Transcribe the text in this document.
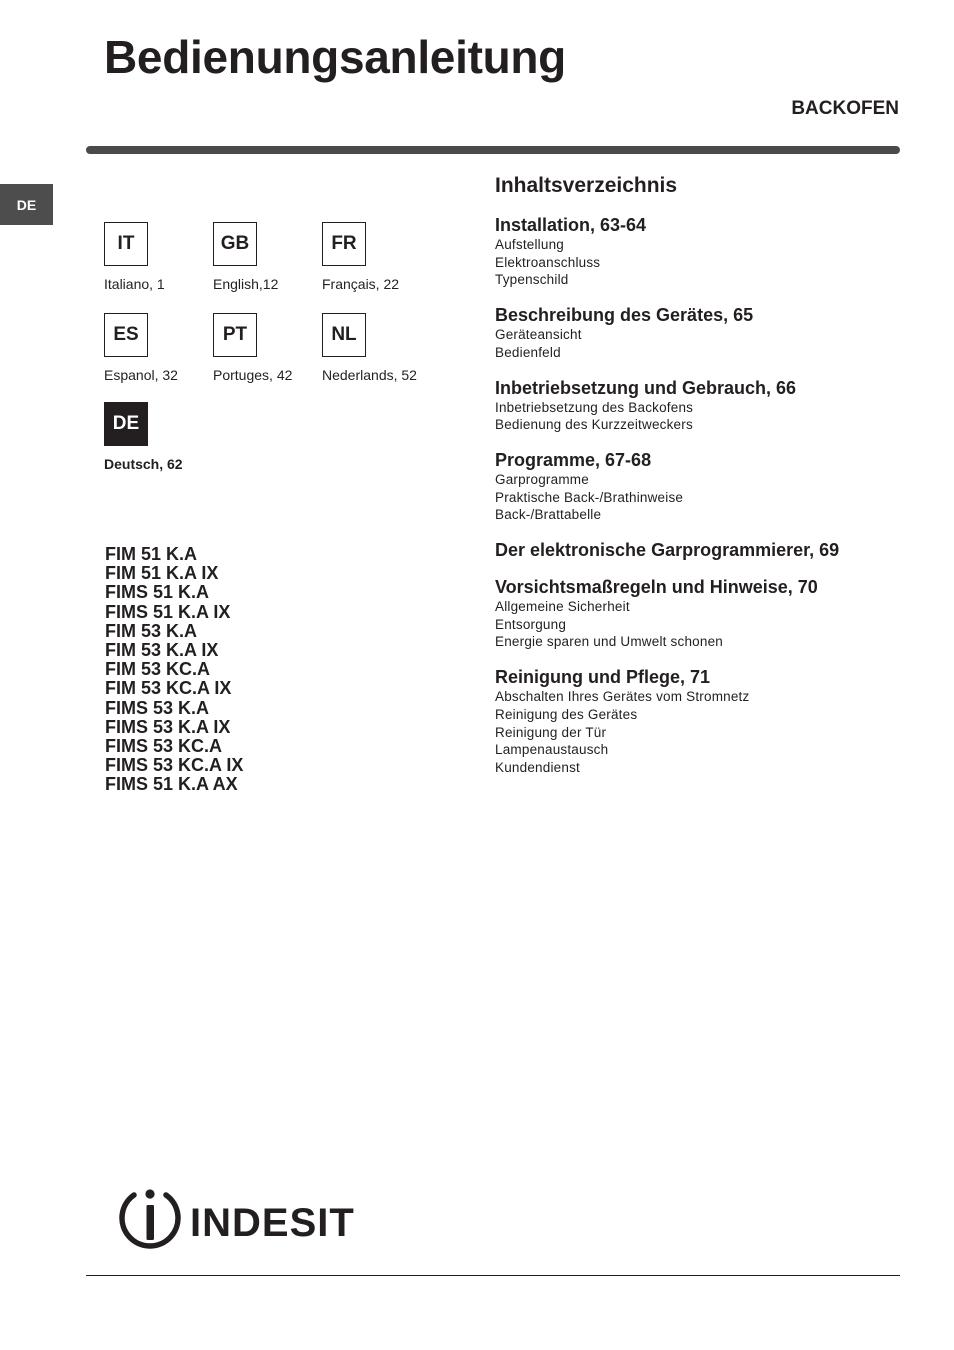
Bedienungsanleitung
BACKOFEN
DE
IT
Italiano, 1
GB
English,12
FR
Français, 22
ES
Espanol, 32
PT
Portuges, 42
NL
Nederlands, 52
DE
Deutsch, 62
FIM 51 K.A
FIM 51 K.A IX
FIMS 51 K.A
FIMS 51 K.A IX
FIM 53 K.A
FIM 53 K.A IX
FIM 53 KC.A
FIM 53 KC.A IX
FIMS 53 K.A
FIMS 53 K.A IX
FIMS 53 KC.A
FIMS 53 KC.A IX
FIMS 51 K.A AX
Inhaltsverzeichnis
Installation, 63-64
Aufstellung
Elektroanschluss
Typenschild
Beschreibung des Gerätes, 65
Geräteansicht
Bedienfeld
Inbetriebsetzung und Gebrauch, 66
Inbetriebsetzung des Backofens
Bedienung des Kurzzeitweckers
Programme, 67-68
Garprogramme
Praktische Back-/Brathinweise
Back-/Brattabelle
Der elektronische Garprogrammierer, 69
Vorsichtsmaßregeln und Hinweise, 70
Allgemeine Sicherheit
Entsorgung
Energie sparen und Umwelt schonen
Reinigung und Pflege, 71
Abschalten Ihres Gerätes vom Stromnetz
Reinigung des Gerätes
Reinigung der Tür
Lampenaustausch
Kundendienst
INDESIT
